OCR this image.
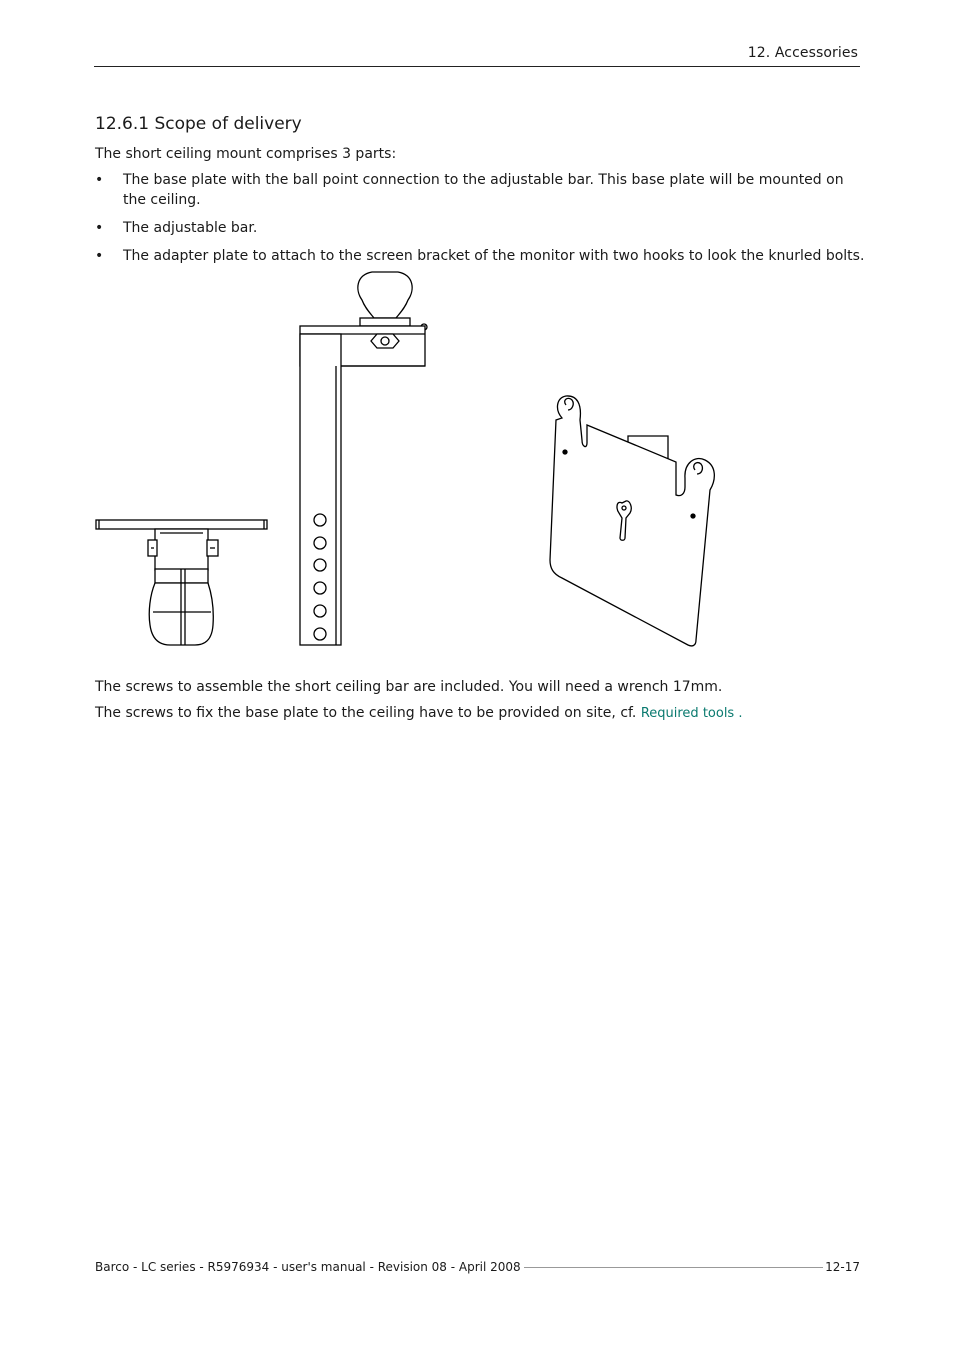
12. Accessories
12.6.1 Scope of delivery

The short ceiling mount comprises 3 parts:

• The base plate with the ball point connection to the adjustable bar. This base plate will be mounted on the ceiling.
• The adjustable bar.
• The adapter plate to attach to the screen bracket of the monitor with two hooks to look the knurled bolts.

The screws to assemble the short ceiling bar are included. You will need a wrench 17mm.

The screws to fix the base plate to the ceiling have to be provided on site, cf. Required tools .

Barco - LC series - R5976934 - user's manual - Revision 08 - April 2008	12-17
